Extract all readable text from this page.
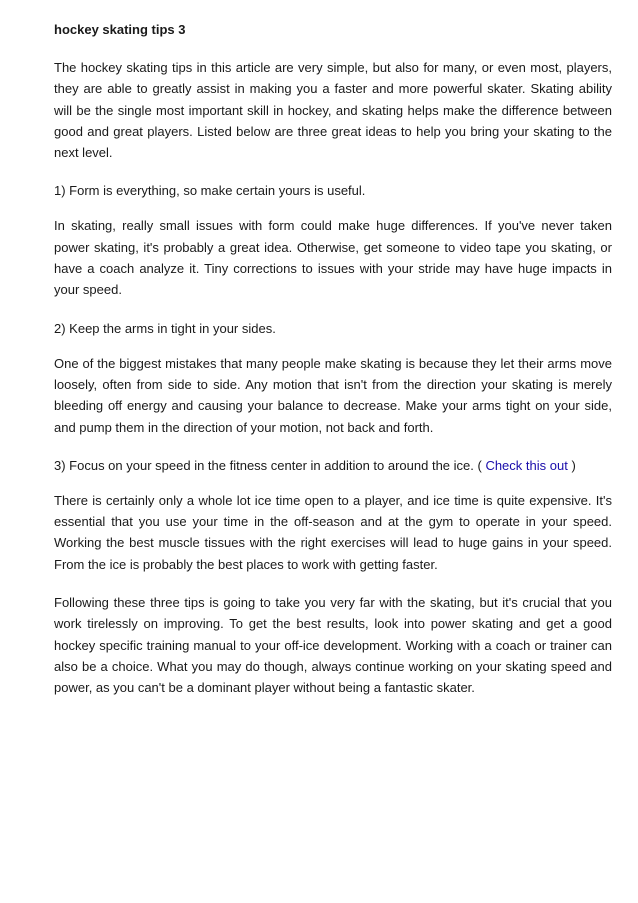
hockey skating tips 3

The hockey skating tips in this article are very simple, but also for many, or even most, players, they are able to greatly assist in making you a faster and more powerful skater. Skating ability will be the single most important skill in hockey, and skating helps make the difference between good and great players. Listed below are three great ideas to help you bring your skating to the next level.

1) Form is everything, so make certain yours is useful.

In skating, really small issues with form could make huge differences. If you've never taken power skating, it's probably a great idea. Otherwise, get someone to video tape you skating, or have a coach analyze it. Tiny corrections to issues with your stride may have huge impacts in your speed.

2) Keep the arms in tight in your sides.

One of the biggest mistakes that many people make skating is because they let their arms move loosely, often from side to side. Any motion that isn't from the direction your skating is merely bleeding off energy and causing your balance to decrease. Make your arms tight on your side, and pump them in the direction of your motion, not back and forth.

3) Focus on your speed in the fitness center in addition to around the ice. ( Check this out )

There is certainly only a whole lot ice time open to a player, and ice time is quite expensive. It's essential that you use your time in the off-season and at the gym to operate in your speed. Working the best muscle tissues with the right exercises will lead to huge gains in your speed. From the ice is probably the best places to work with getting faster.

Following these three tips is going to take you very far with the skating, but it's crucial that you work tirelessly on improving. To get the best results, look into power skating and get a good hockey specific training manual to your off-ice development. Working with a coach or trainer can also be a choice. What you may do though, always continue working on your skating speed and power, as you can't be a dominant player without being a fantastic skater.
